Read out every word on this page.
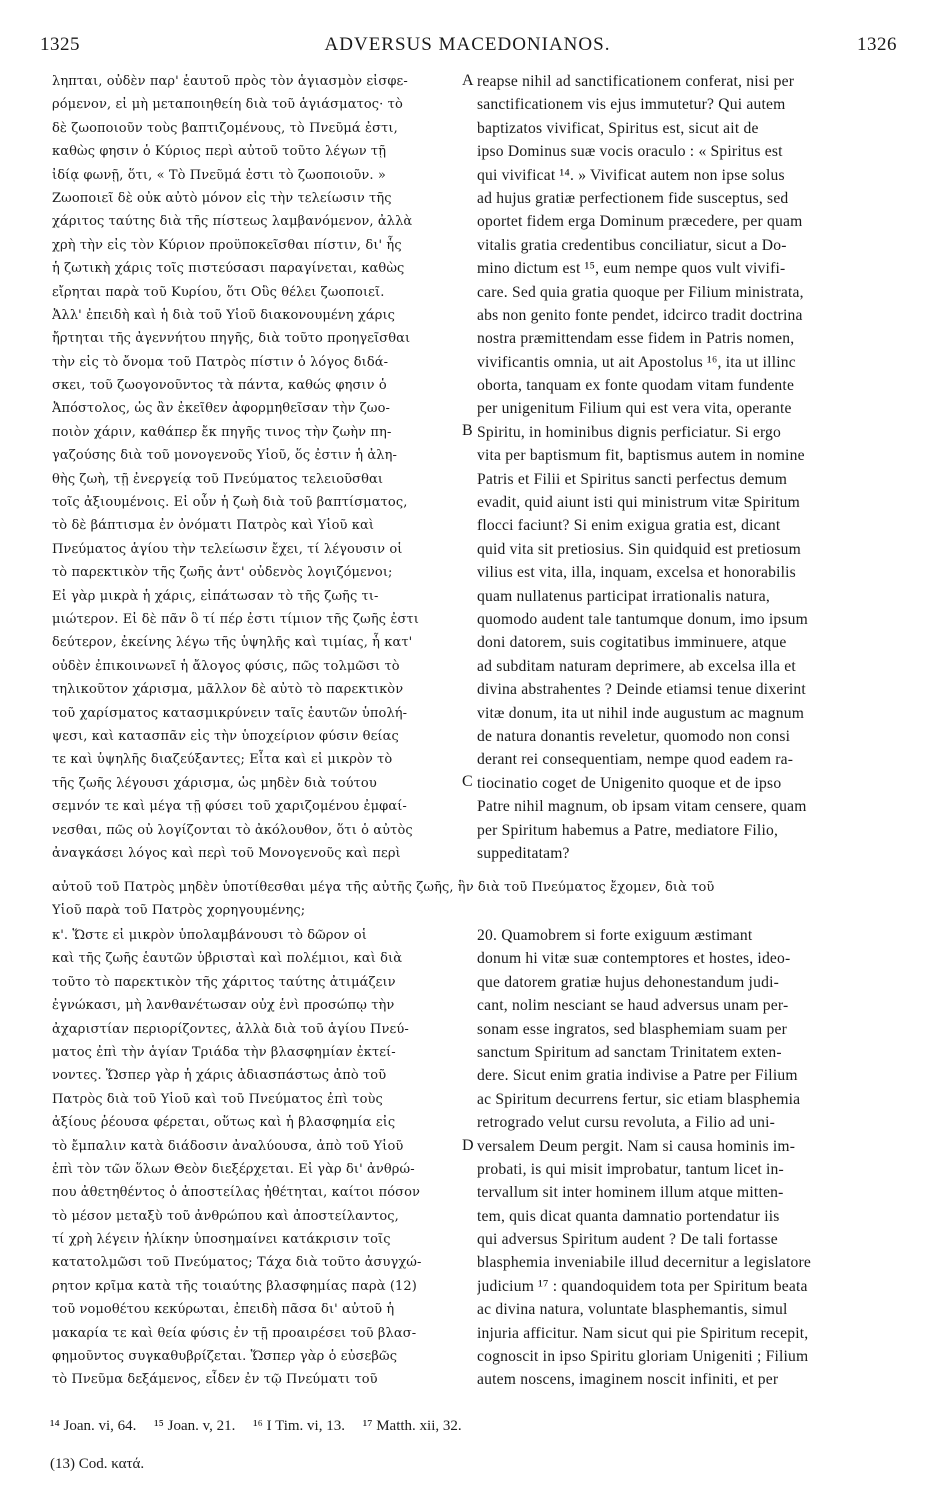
1325	ADVERSUS MACEDONIANOS.	1326
ληπται, οὐδὲν παρ' ἑαυτοῦ πρὸς τὸν ἁγιασμὸν εἰσφε-
ρόμενον, εἰ μὴ μεταποιηθείη διὰ τοῦ ἁγιάσματος· τὸ
δὲ ζωοποιοῦν τοὺς βαπτιζομένους, τὸ Πνεῦμά ἐστι,
καθὼς φησιν ὁ Κύριος περὶ αὐτοῦ τοῦτο λέγων τῇ
ἰδίᾳ φωνῇ, ὅτι, « Τὸ Πνεῦμά ἐστι τὸ ζωοποιοῦν. »
Ζωοποιεῖ δὲ οὐκ αὐτὸ μόνον εἰς τὴν τελείωσιν τῆς
χάριτος ταύτης διὰ τῆς πίστεως λαμβανόμενον, ἀλλὰ
χρὴ τὴν εἰς τὸν Κύριον προϋποκεῖσθαι πίστιν, δι' ἧς
ἡ ζωτικὴ χάρις τοῖς πιστεύσασι παραγίνεται, καθὼς
εἴρηται παρὰ τοῦ Κυρίου, ὅτι Οὓς θέλει ζωοποιεῖ.
Ἀλλ' ἐπειδὴ καὶ ἡ διὰ τοῦ Υἱοῦ διακονουμένη χάρις
ἤρτηται τῆς ἀγεννήτου πηγῆς, διὰ τοῦτο προηγεῖσθαι
τὴν εἰς τὸ ὄνομα τοῦ Πατρὸς πίστιν ὁ λόγος διδά-
σκει, τοῦ ζωογονοῦντος τὰ πάντα, καθώς φησιν ὁ
Ἀπόστολος, ὡς ἂν ἐκεῖθεν ἀφορμηθεῖσαν τὴν ζωο-
ποιὸν χάριν, καθάπερ ἔκ πηγῆς τινος τὴν ζωὴν πη-
γαζούσης διὰ τοῦ μονογενοῦς Υἱοῦ, ὅς ἐστιν ἡ ἀλη-
θὴς ζωὴ, τῇ ἐνεργείᾳ τοῦ Πνεύματος τελειοῦσθαι
τοῖς ἀξιουμένοις. Εἰ οὖν ἡ ζωὴ διὰ τοῦ βαπτίσματος,
τὸ δὲ βάπτισμα ἐν ὀνόματι Πατρὸς καὶ Υἱοῦ καὶ
Πνεύματος ἁγίου τὴν τελείωσιν ἔχει, τί λέγουσιν οἱ
τὸ παρεκτικὸν τῆς ζωῆς ἀντ' οὐδενὸς λογιζόμενοι;
Εἰ γὰρ μικρὰ ἡ χάρις, εἰπάτωσαν τὸ τῆς ζωῆς τι-
μιώτερον. Εἰ δὲ πᾶν ὃ τί πέρ ἐστι τίμιον τῆς ζωῆς ἐστι
δεύτερον, ἐκείνης λέγω τῆς ὑψηλῆς καὶ τιμίας, ἧ κατ'
οὐδὲν ἐπικοινωνεῖ ἡ ἄλογος φύσις, πῶς τολμῶσι τὸ
τηλικοῦτον χάρισμα, μᾶλλον δὲ αὐτὸ τὸ παρεκτικὸν
τοῦ χαρίσματος κατασμικρύνειν ταῖς ἑαυτῶν ὑπολή-
ψεσι, καὶ κατασπᾶν εἰς τὴν ὑποχείριον φύσιν θείας
τε καὶ ὑψηλῆς διαζεύξαντες; Εἶτα καὶ εἰ μικρὸν τὸ
τῆς ζωῆς λέγουσι χάρισμα, ὡς μηδὲν διὰ τούτου
σεμνόν τε καὶ μέγα τῇ φύσει τοῦ χαριζομένου ἐμφαί-
νεσθαι, πῶς οὐ λογίζονται τὸ ἀκόλουθον, ὅτι ὁ αὐτὸς
ἀναγκάσει λόγος καὶ περὶ τοῦ Μονογενοῦς καὶ περὶ
reapse nihil ad sanctificationem conferat, nisi per
sanctificationem vis ejus immutetur? Qui autem
baptizatos vivificat, Spiritus est, sicut ait de
ipso Dominus suæ vocis oraculo : « Spiritus est
qui vivificat ¹⁴. » Vivificat autem non ipse solus
ad hujus gratiæ perfectionem fide susceptus, sed
oportet fidem erga Dominum præcedere, per quam
vitalis gratia credentibus conciliatur, sicut a Do-
mino dictum est ¹⁵, eum nempe quos vult vivifi-
care. Sed quia gratia quoque per Filium ministrata,
abs non genito fonte pendet, idcirco tradit doctrina
nostra præmittendam esse fidem in Patris nomen,
vivificantis omnia, ut ait Apostolus ¹⁶, ita ut illinc
oborta, tanquam ex fonte quodam vitam fundente
per unigenitum Filium qui est vera vita, operante
Spiritu, in hominibus dignis perficiatur. Si ergo
vita per baptismum fit, baptismus autem in nomine
Patris et Filii et Spiritus sancti perfectus demum
evadit, quid aiunt isti qui ministrum vitæ Spiritum
flocci faciunt? Si enim exigua gratia est, dicant
quid vita sit pretiosius. Sin quidquid est pretiosum
vilius est vita, illa, inquam, excelsa et honorabilis
quam nullatenus participat irrationalis natura,
quomodo audent tale tantumque donum, imo ipsum
doni datorem, suis cogitatibus imminuere, atque
ad subditam naturam deprimere, ab excelsa illa et
divina abstrahentes ? Deinde etiamsi tenue dixerint
vitæ donum, ita ut nihil inde augustum ac magnum
de natura donantis reveletur, quomodo non consi
derant rei consequentiam, nempe quod eadem ra-
tiocinatio coget de Unigenito quoque et de ipso
Patre nihil magnum, ob ipsam vitam censere, quam
per Spiritum habemus a Patre, mediatore Filio,
suppeditatam?
αὐτοῦ τοῦ Πατρὸς μηδὲν ὑποτίθεσθαι μέγα τῆς αὐτῆς ζωῆς, ἣν διὰ τοῦ Πνεύματος ἔχομεν, διὰ τοῦ
Υἱοῦ παρὰ τοῦ Πατρὸς χορηγουμένης;
κ'. Ὥστε εἰ μικρὸν ὑπολαμβάνουσι τὸ δῶρον οἱ
καὶ τῆς ζωῆς ἑαυτῶν ὑβρισταὶ καὶ πολέμιοι, καὶ διὰ
τοῦτο τὸ παρεκτικὸν τῆς χάριτος ταύτης ἀτιμάζειν
ἐγνώκασι, μὴ λανθανέτωσαν οὐχ ἑνὶ προσώπῳ τὴν
ἀχαριστίαν περιορίζοντες, ἀλλὰ διὰ τοῦ ἁγίου Πνεύ-
ματος ἐπὶ τὴν ἁγίαν Τριάδα τὴν βλασφημίαν ἐκτεί-
νοντες. Ὥσπερ γὰρ ἡ χάρις ἀδιασπάστως ἀπὸ τοῦ
Πατρὸς διὰ τοῦ Υἱοῦ καὶ τοῦ Πνεύματος ἐπὶ τοὺς
ἀξίους ῥέουσα φέρεται, οὕτως καὶ ἡ βλασφημία εἰς
τὸ ἔμπαλιν κατὰ διάδοσιν ἀναλύουσα, ἀπὸ τοῦ Υἱοῦ
ἐπὶ τὸν τῶν ὅλων Θεὸν διεξέρχεται. Εἰ γὰρ δι' ἀνθρώ-
που ἀθετηθέντος ὁ ἀποστείλας ἠθέτηται, καίτοι πόσον
τὸ μέσον μεταξὺ τοῦ ἀνθρώπου καὶ ἀποστείλαντος,
τί χρὴ λέγειν ἡλίκην ὑποσημαίνει κατάκρισιν τοῖς
κατατολμῶσι τοῦ Πνεύματος; Τάχα διὰ τοῦτο ἀσυγχώ-
ρητον κρῖμα κατὰ τῆς τοιαύτης βλασφημίας παρὰ (12)
τοῦ νομοθέτου κεκύρωται, ἐπειδὴ πᾶσα δι' αὐτοῦ ἡ
μακαρία τε καὶ θεία φύσις ἐν τῇ προαιρέσει τοῦ βλασ-
φημοῦντος συγκαθυβρίζεται. Ὥσπερ γὰρ ὁ εὐσεβῶς
τὸ Πνεῦμα δεξάμενος, εἶδεν ἐν τῷ Πνεύματι τοῦ
20. Quamobrem si forte exiguum æstimant
donum hi vitæ suæ contemptores et hostes, ideo-
que datorem gratiæ hujus dehonestandum judi-
cant, nolim nesciant se haud adversus unam per-
sonam esse ingratos, sed blasphemiam suam per
sanctum Spiritum ad sanctam Trinitatem exten-
dere. Sicut enim gratia indivise a Patre per Filium
ac Spiritum decurrens fertur, sic etiam blasphemia
retrogrado velut cursu revoluta, a Filio ad uni-
versalem Deum pergit. Nam si causa hominis im-
probati, is qui misit improbatur, tantum licet in-
tervallum sit inter hominem illum atque mitten-
tem, quis dicat quanta damnatio portendatur iis
qui adversus Spiritum audent ? De tali fortasse
blasphemia inveniabile illud decernitur a legislatore
judicium ¹⁷ : quandoquidem tota per Spiritum beata
ac divina natura, voluntate blasphemantis, simul
injuria afficitur. Nam sicut qui pie Spiritum recepit,
cognoscit in ipso Spiritu gloriam Unigeniti ; Filium
autem noscens, imaginem noscit infiniti, et per
A
B
C
D
¹⁴ Joan. vi, 64. ¹⁵ Joan. v, 21. ¹⁶ I Tim. vi, 13. ¹⁷ Matth. xii, 32.
(13) Cod. κατά.
